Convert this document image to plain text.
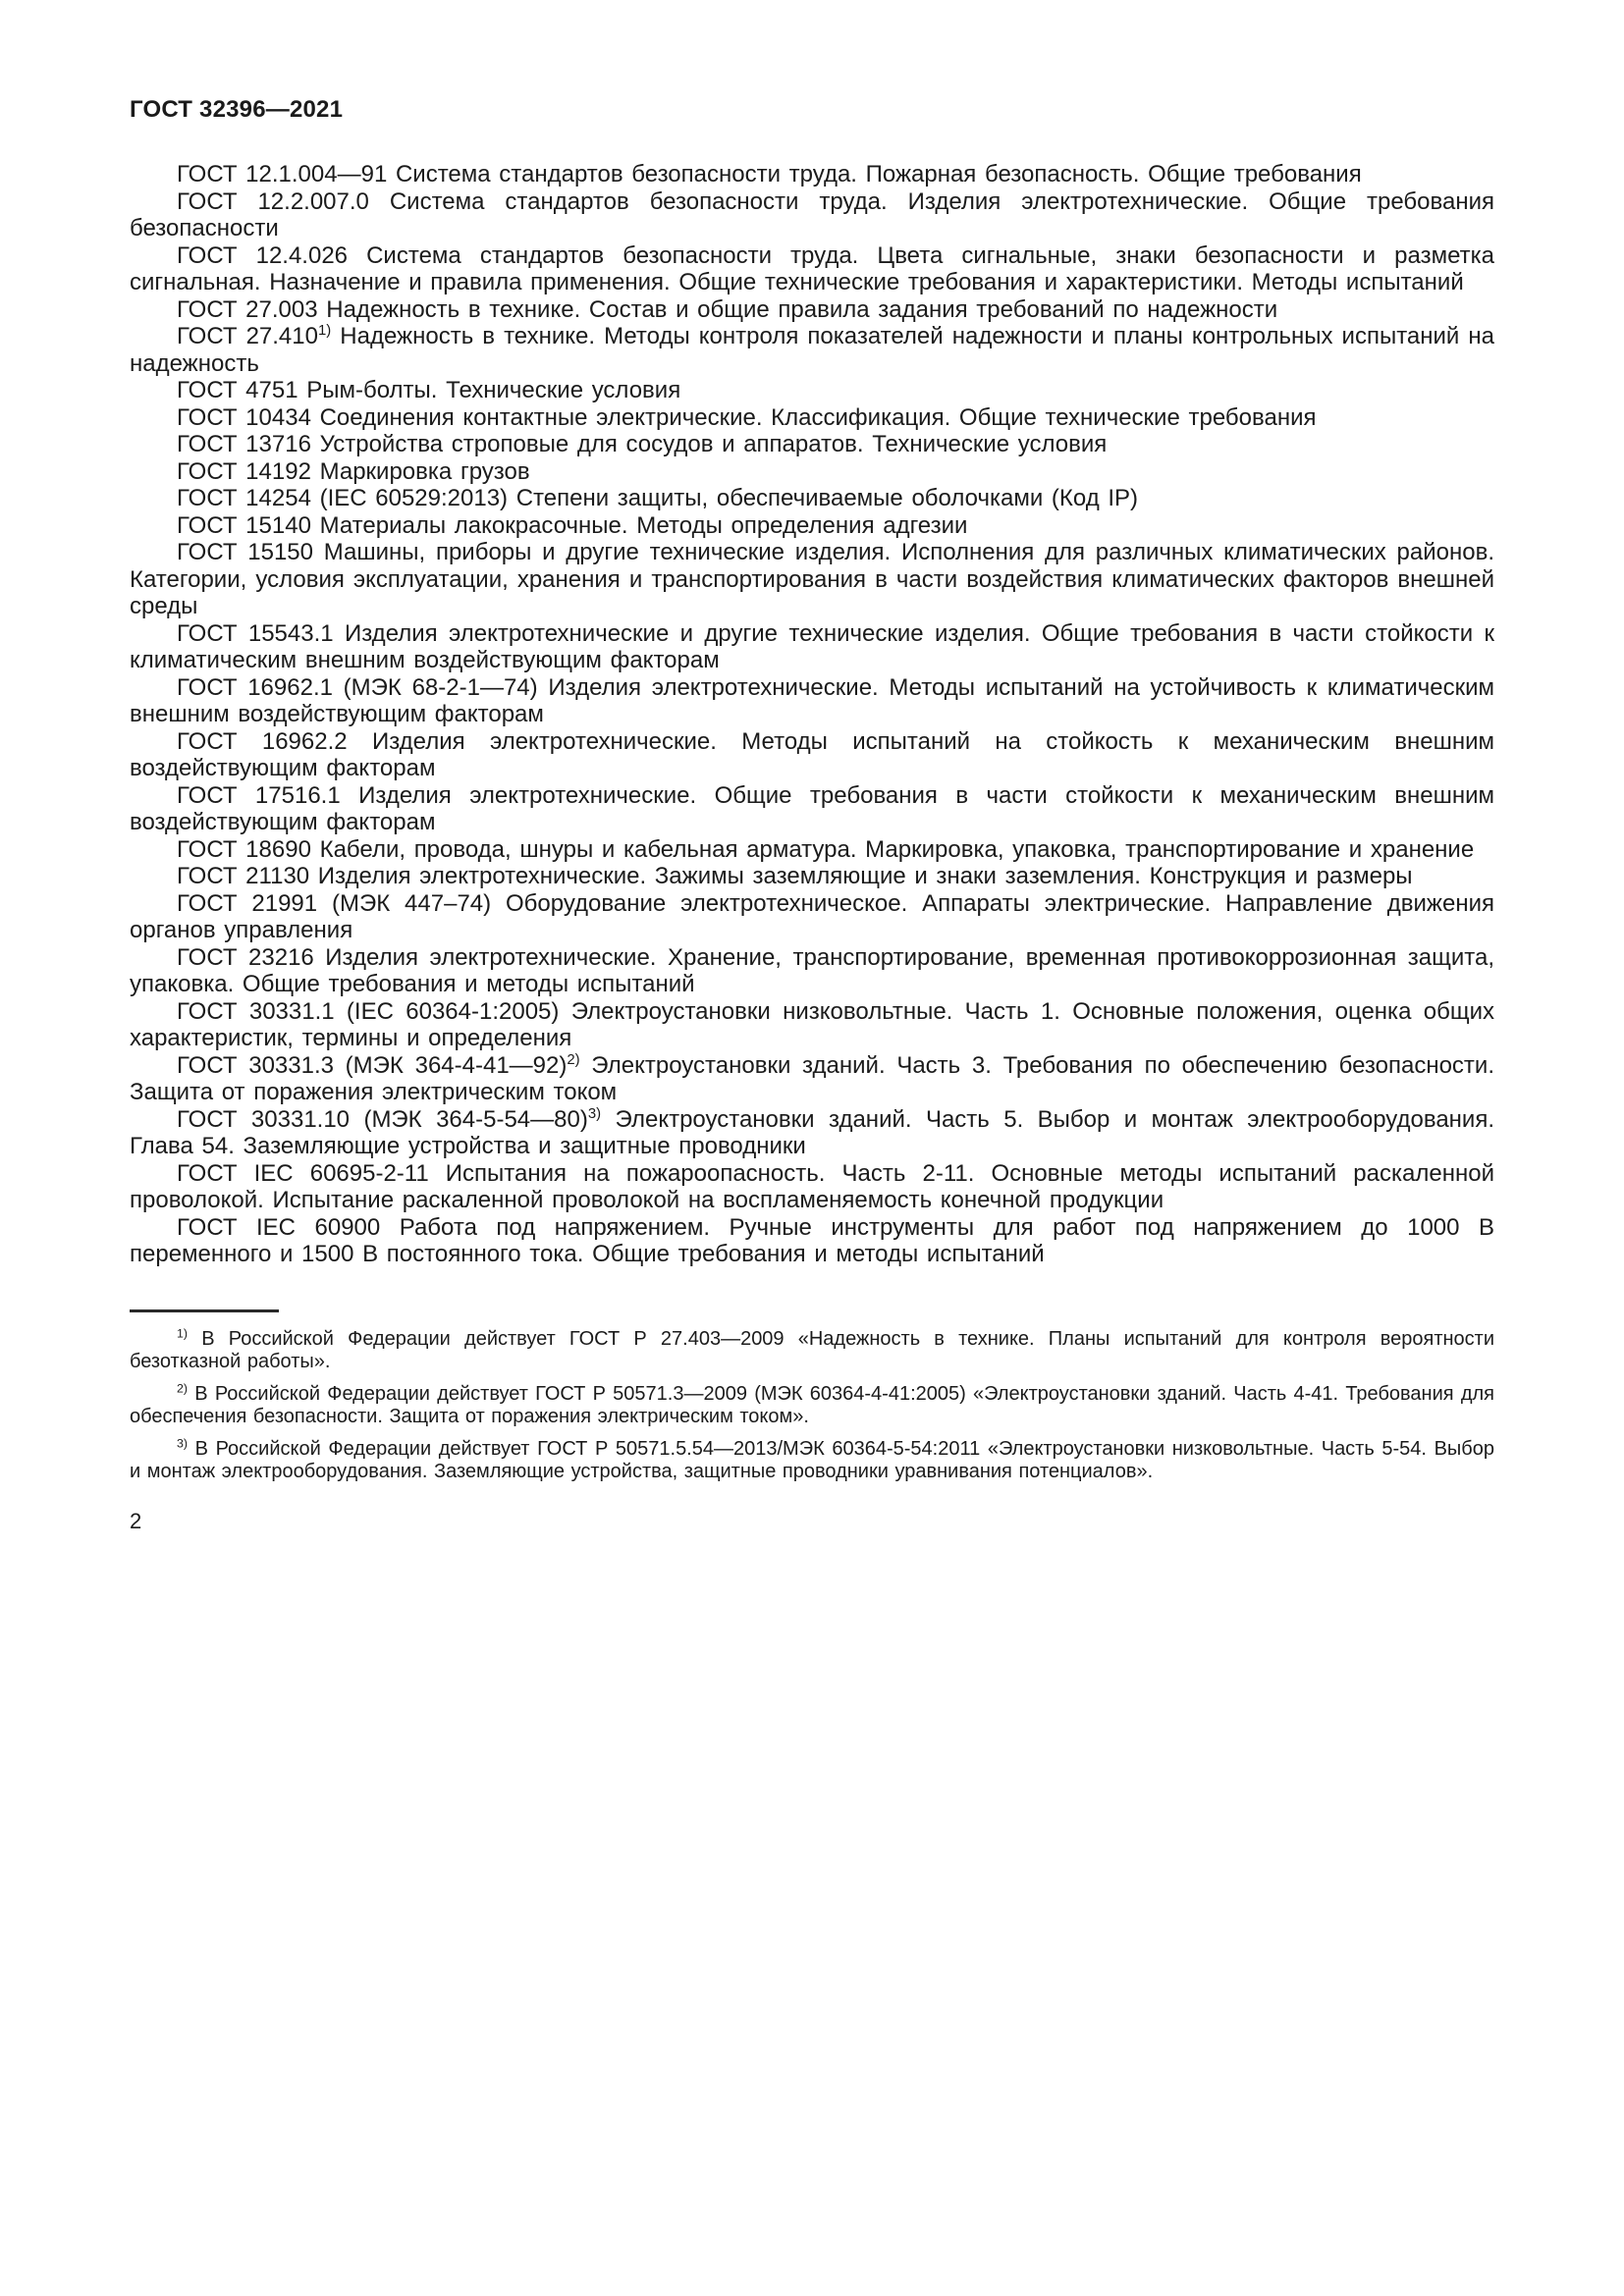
ГОСТ 32396—2021

ГОСТ 12.1.004—91 Система стандартов безопасности труда. Пожарная безопасность. Общие требования

ГОСТ 12.2.007.0 Система стандартов безопасности труда. Изделия электротехнические. Общие требования безопасности

ГОСТ 12.4.026 Система стандартов безопасности труда. Цвета сигнальные, знаки безопасности и разметка сигнальная. Назначение и правила применения. Общие технические требования и характеристики. Методы испытаний

ГОСТ 27.003 Надежность в технике. Состав и общие правила задания требований по надежности

ГОСТ 27.410$^{1)}$ Надежность в технике. Методы контроля показателей надежности и планы контрольных испытаний на надежность

ГОСТ 4751 Рым-болты. Технические условия

ГОСТ 10434 Соединения контактные электрические. Классификация. Общие технические требования

ГОСТ 13716 Устройства строповые для сосудов и аппаратов. Технические условия

ГОСТ 14192 Маркировка грузов

ГОСТ 14254 (IEC 60529:2013) Степени защиты, обеспечиваемые оболочками (Код IP)

ГОСТ 15140 Материалы лакокрасочные. Методы определения адгезии

ГОСТ 15150 Машины, приборы и другие технические изделия. Исполнения для различных климатических районов. Категории, условия эксплуатации, хранения и транспортирования в части воздействия климатических факторов внешней среды

ГОСТ 15543.1 Изделия электротехнические и другие технические изделия. Общие требования в части стойкости к климатическим внешним воздействующим факторам

ГОСТ 16962.1 (МЭК 68-2-1—74) Изделия электротехнические. Методы испытаний на устойчивость к климатическим внешним воздействующим факторам

ГОСТ 16962.2 Изделия электротехнические. Методы испытаний на стойкость к механическим внешним воздействующим факторам

ГОСТ 17516.1 Изделия электротехнические. Общие требования в части стойкости к механическим внешним воздействующим факторам

ГОСТ 18690 Кабели, провода, шнуры и кабельная арматура. Маркировка, упаковка, транспортирование и хранение

ГОСТ 21130 Изделия электротехнические. Зажимы заземляющие и знаки заземления. Конструкция и размеры

ГОСТ 21991 (МЭК 447–74) Оборудование электротехническое. Аппараты электрические. Направление движения органов управления

ГОСТ 23216 Изделия электротехнические. Хранение, транспортирование, временная противокоррозионная защита, упаковка. Общие требования и методы испытаний

ГОСТ 30331.1 (IEC 60364-1:2005) Электроустановки низковольтные. Часть 1. Основные положения, оценка общих характеристик, термины и определения

ГОСТ 30331.3 (МЭК 364-4-41—92)$^{2)}$ Электроустановки зданий. Часть 3. Требования по обеспечению безопасности. Защита от поражения электрическим током

ГОСТ 30331.10 (МЭК 364-5-54—80)$^{3)}$ Электроустановки зданий. Часть 5. Выбор и монтаж электрооборудования. Глава 54. Заземляющие устройства и защитные проводники

ГОСТ IEC 60695-2-11 Испытания на пожароопасность. Часть 2-11. Основные методы испытаний раскаленной проволокой. Испытание раскаленной проволокой на воспламеняемость конечной продукции

ГОСТ IEC 60900 Работа под напряжением. Ручные инструменты для работ под напряжением до 1000 В переменного и 1500 В постоянного тока. Общие требования и методы испытаний

$^{1)}$ В Российской Федерации действует ГОСТ Р 27.403—2009 «Надежность в технике. Планы испытаний для контроля вероятности безотказной работы».

$^{2)}$ В Российской Федерации действует ГОСТ Р 50571.3—2009 (МЭК 60364-4-41:2005) «Электроустановки зданий. Часть 4-41. Требования для обеспечения безопасности. Защита от поражения электрическим током».

$^{3)}$ В Российской Федерации действует ГОСТ Р 50571.5.54—2013/МЭК 60364-5-54:2011 «Электроустановки низковольтные. Часть 5-54. Выбор и монтаж электрооборудования. Заземляющие устройства, защитные проводники уравнивания потенциалов».

2
